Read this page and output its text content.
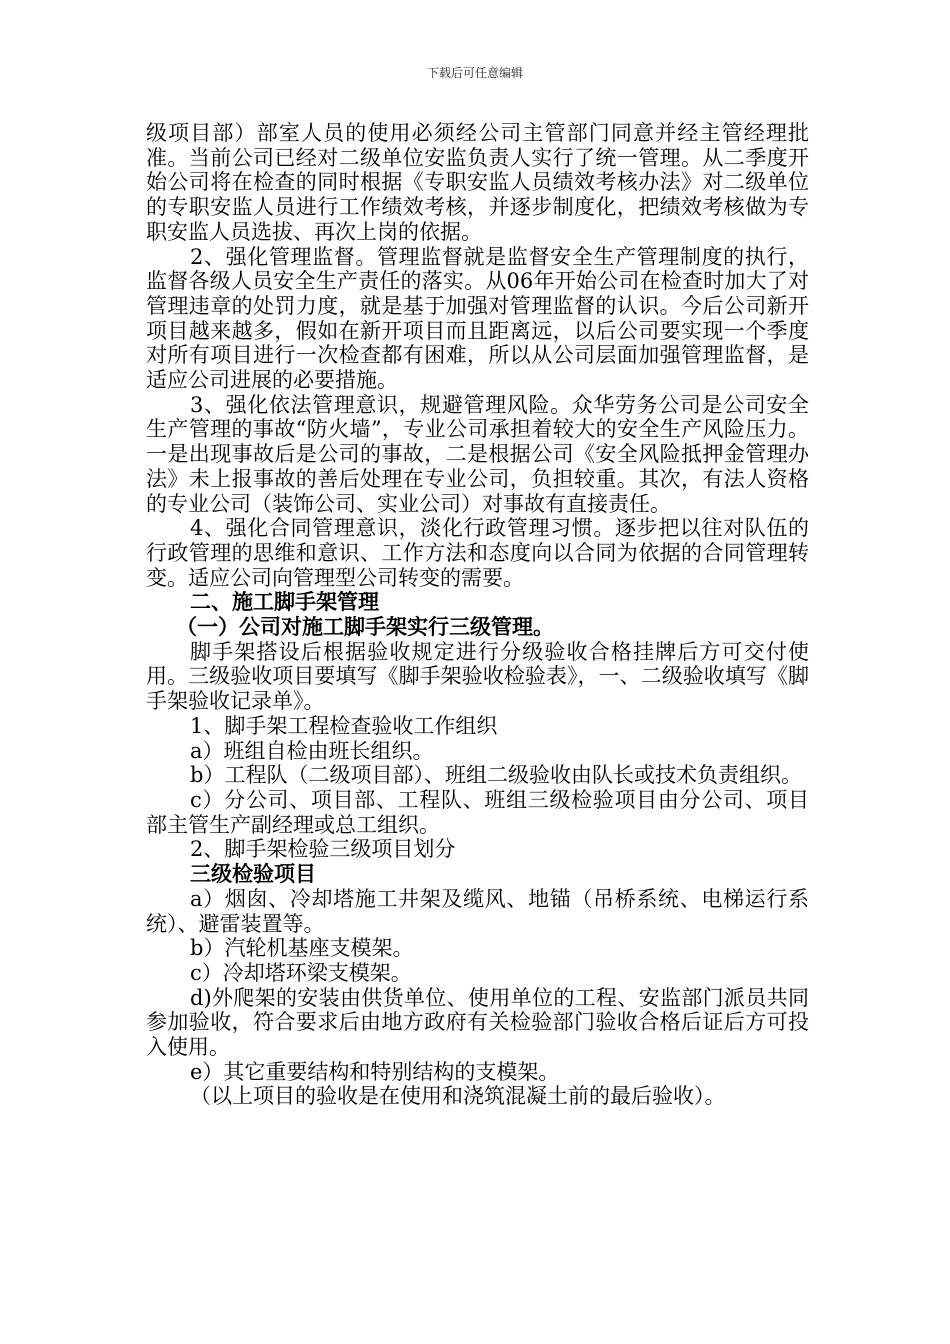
下载后可任意编辑

级项目部）部室人员的使用必须经公司主管部门同意并经主管经理批准。当前公司已经对二级单位安监负责人实行了统一管理。从二季度开始公司将在检查的同时根据《专职安监人员绩效考核办法》对二级单位的专职安监人员进行工作绩效考核，并逐步制度化，把绩效考核做为专职安监人员选拔、再次上岗的依据。

2、强化管理监督。管理监督就是监督安全生产管理制度的执行，监督各级人员安全生产责任的落实。从06年开始公司在检查时加大了对管理违章的处罚力度，就是基于加强对管理监督的认识。今后公司新开项目越来越多，假如在新开项目而且距离远，以后公司要实现一个季度对所有项目进行一次检查都有困难，所以从公司层面加强管理监督，是适应公司进展的必要措施。

3、强化依法管理意识，规避管理风险。众华劳务公司是公司安全生产管理的事故“防火墙”，专业公司承担着较大的安全生产风险压力。一是出现事故后是公司的事故，二是根据公司《安全风险抵押金管理办法》未上报事故的善后处理在专业公司，负担较重。其次，有法人资格的专业公司（装饰公司、实业公司）对事故有直接责任。

4、强化合同管理意识，淡化行政管理习惯。逐步把以往对队伍的行政管理的思维和意识、工作方法和态度向以合同为依据的合同管理转变。适应公司向管理型公司转变的需要。

二、施工脚手架管理

（一）公司对施工脚手架实行三级管理。

脚手架搭设后根据验收规定进行分级验收合格挂牌后方可交付使用。三级验收项目要填写《脚手架验收检验表》，一、二级验收填写《脚手架验收记录单》。

1、脚手架工程检查验收工作组织

a）班组自检由班长组织。

b）工程队（二级项目部）、班组二级验收由队长或技术负责组织。

c）分公司、项目部、工程队、班组三级检验项目由分公司、项目部主管生产副经理或总工组织。

2、脚手架检验三级项目划分

三级检验项目

a）烟囱、冷却塔施工井架及缆风、地锚（吊桥系统、电梯运行系统）、避雷装置等。

b）汽轮机基座支模架。

c）冷却塔环梁支模架。

d)外爬架的安装由供货单位、使用单位的工程、安监部门派员共同参加验收，符合要求后由地方政府有关检验部门验收合格后证后方可投入使用。

e）其它重要结构和特别结构的支模架。

（以上项目的验收是在使用和浇筑混凝土前的最后验收）。
